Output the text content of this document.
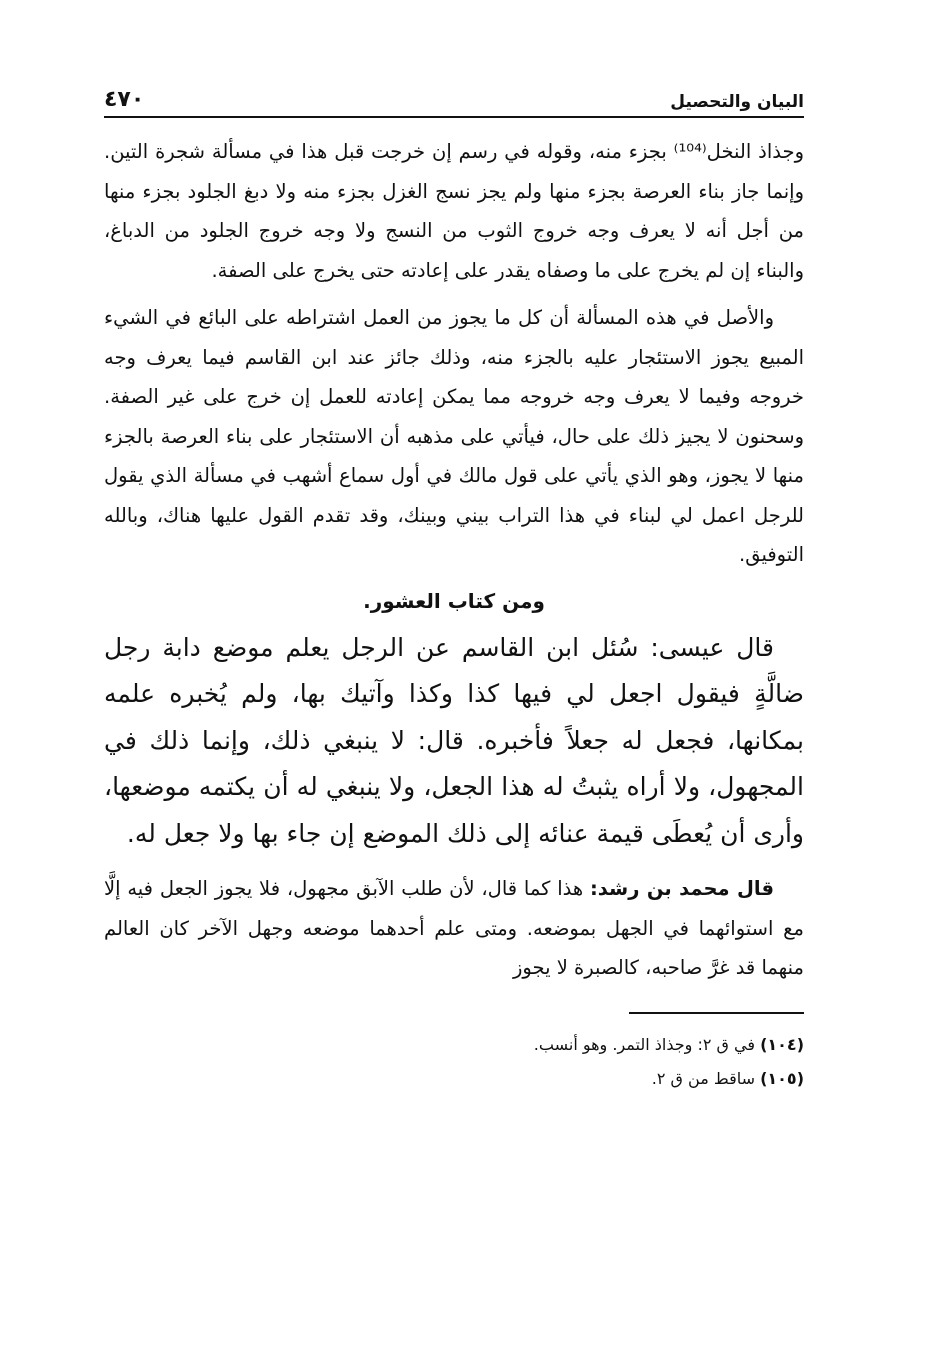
البيان والتحصيل
٤٧٠

وجذاذ النخل⁽¹⁰⁴⁾ بجزء منه، وقوله في رسم إن خرجت قبل هذا في مسألة شجرة التين. وإنما جاز بناء العرصة بجزء منها ولم يجز نسج الغزل بجزء منه ولا دبغ الجلود بجزء منها من أجل أنه لا يعرف وجه خروج الثوب من النسج ولا وجه خروج الجلود من الدباغ، والبناء إن لم يخرج على ما وصفاه يقدر على إعادته حتى يخرج على الصفة.

والأصل في هذه المسألة أن كل ما يجوز من العمل اشتراطه على البائع في الشيء المبيع يجوز الاستئجار عليه بالجزء منه، وذلك جائز عند ابن القاسم فيما يعرف وجه خروجه وفيما لا يعرف وجه خروجه مما يمكن إعادته للعمل إن خرج على غير الصفة. وسحنون لا يجيز ذلك على حال، فيأتي على مذهبه أن الاستئجار على بناء العرصة بالجزء منها لا يجوز، وهو الذي يأتي على قول مالك في أول سماع أشهب في مسألة الذي يقول للرجل اعمل لي لبناء في هذا التراب بيني وبينك، وقد تقدم القول عليها هناك، وبالله التوفيق.

ومن كتاب العشور.

قال عيسى: سُئل ابن القاسم عن الرجل يعلم موضع دابة رجل ضالَّةٍ فيقول اجعل لي فيها كذا وكذا وآتيك بها، ولم يُخبره علمه بمكانها، فجعل له جعلاً فأخبره. قال: لا ينبغي ذلك، وإنما ذلك في المجهول، ولا أراه يثبتُ له هذا الجعل، ولا ينبغي له أن يكتمه موضعها، وأرى أن يُعطَى قيمة عنائه إلى ذلك الموضع إن جاء بها ولا جعل له.

قال محمد بن رشد: هذا كما قال، لأن طلب الآبق مجهول، فلا يجوز الجعل فيه إلَّا مع استوائهما في الجهل بموضعه. ومتى علم أحدهما موضعه وجهل الآخر كان العالم منهما قد غرَّ صاحبه، كالصبرة لا يجوز

(١٠٤) في ق ٢: وجذاذ التمر. وهو أنسب.
(١٠٥) ساقط من ق ٢.
